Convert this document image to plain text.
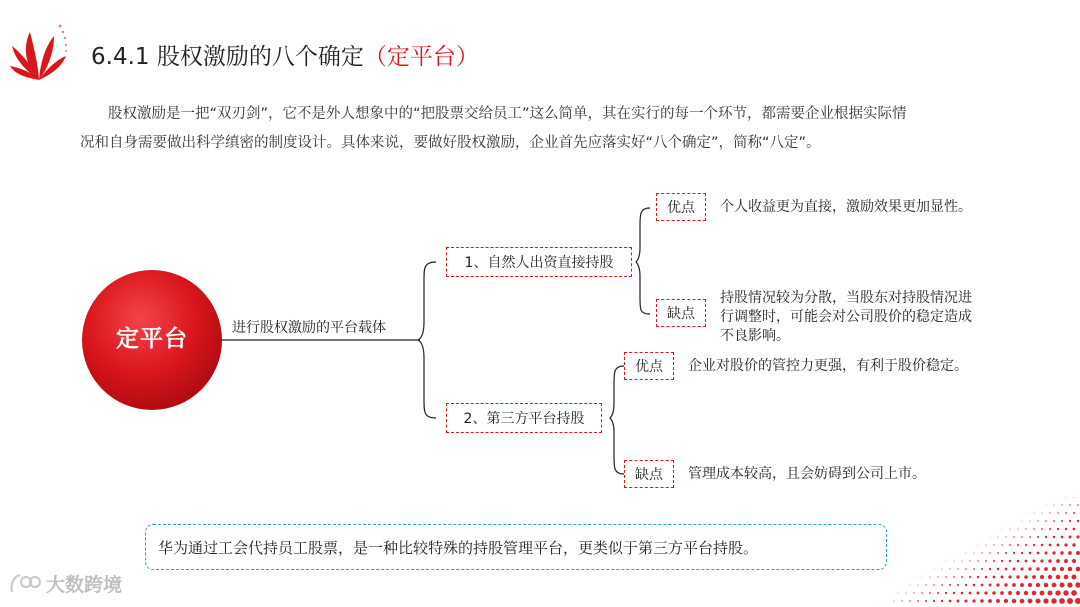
6.4.1 股权激励的八个确定（定平台）
股权激励是一把“双刃剑”，它不是外人想象中的“把股票交给员工”这么简单，其在实行的每一个环节，都需要企业根据实际情
况和自身需要做出科学缜密的制度设计。具体来说，要做好股权激励，企业首先应落实好“八个确定”，简称“八定”。
定平台	进行股权激励的平台载体
1、自然人出资直接持股
优点	个人收益更为直接，激励效果更加显性。
缺点
持股情况较为分散，当股东对持股情况进
行调整时，可能会对公司股价的稳定造成
不良影响。
2、第三方平台持股
优点	企业对股价的管控力更强，有利于股价稳定。
缺点	管理成本较高，且会妨碍到公司上市。
华为通过工会代持员工股票，是一种比较特殊的持股管理平台，更类似于第三方平台持股。
大数跨境
